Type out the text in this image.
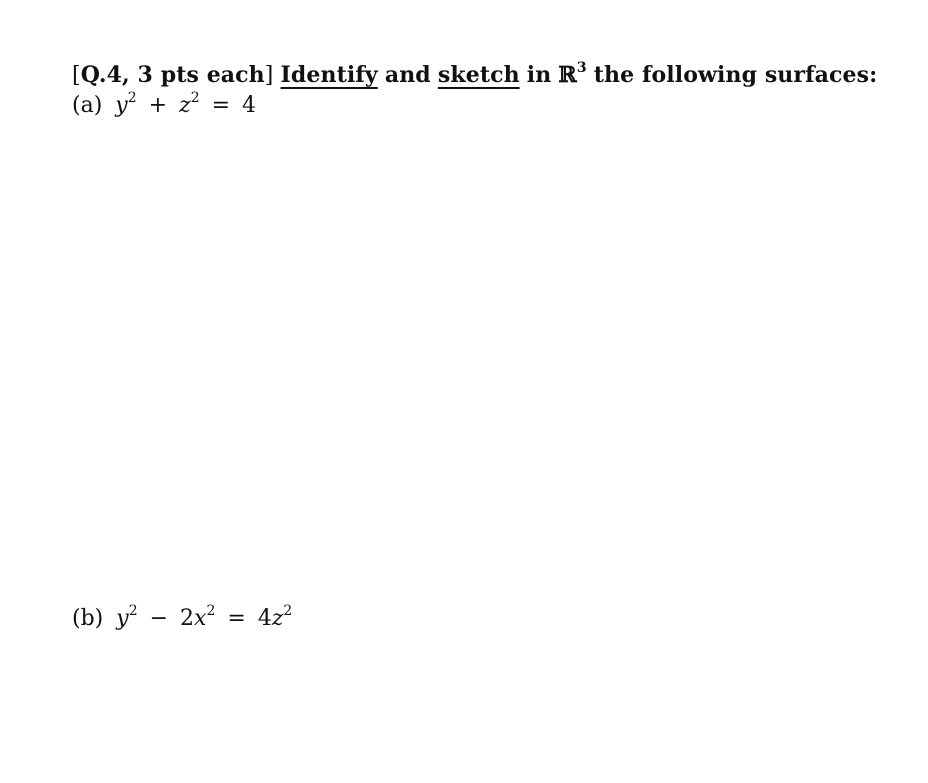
[Q.4, 3 pts each] Identify and sketch in ℝ$^3$ the following surfaces:
(a) $y^2 + z^2 = 4$
(b) $y^2 - 2x^2 = 4z^2$
